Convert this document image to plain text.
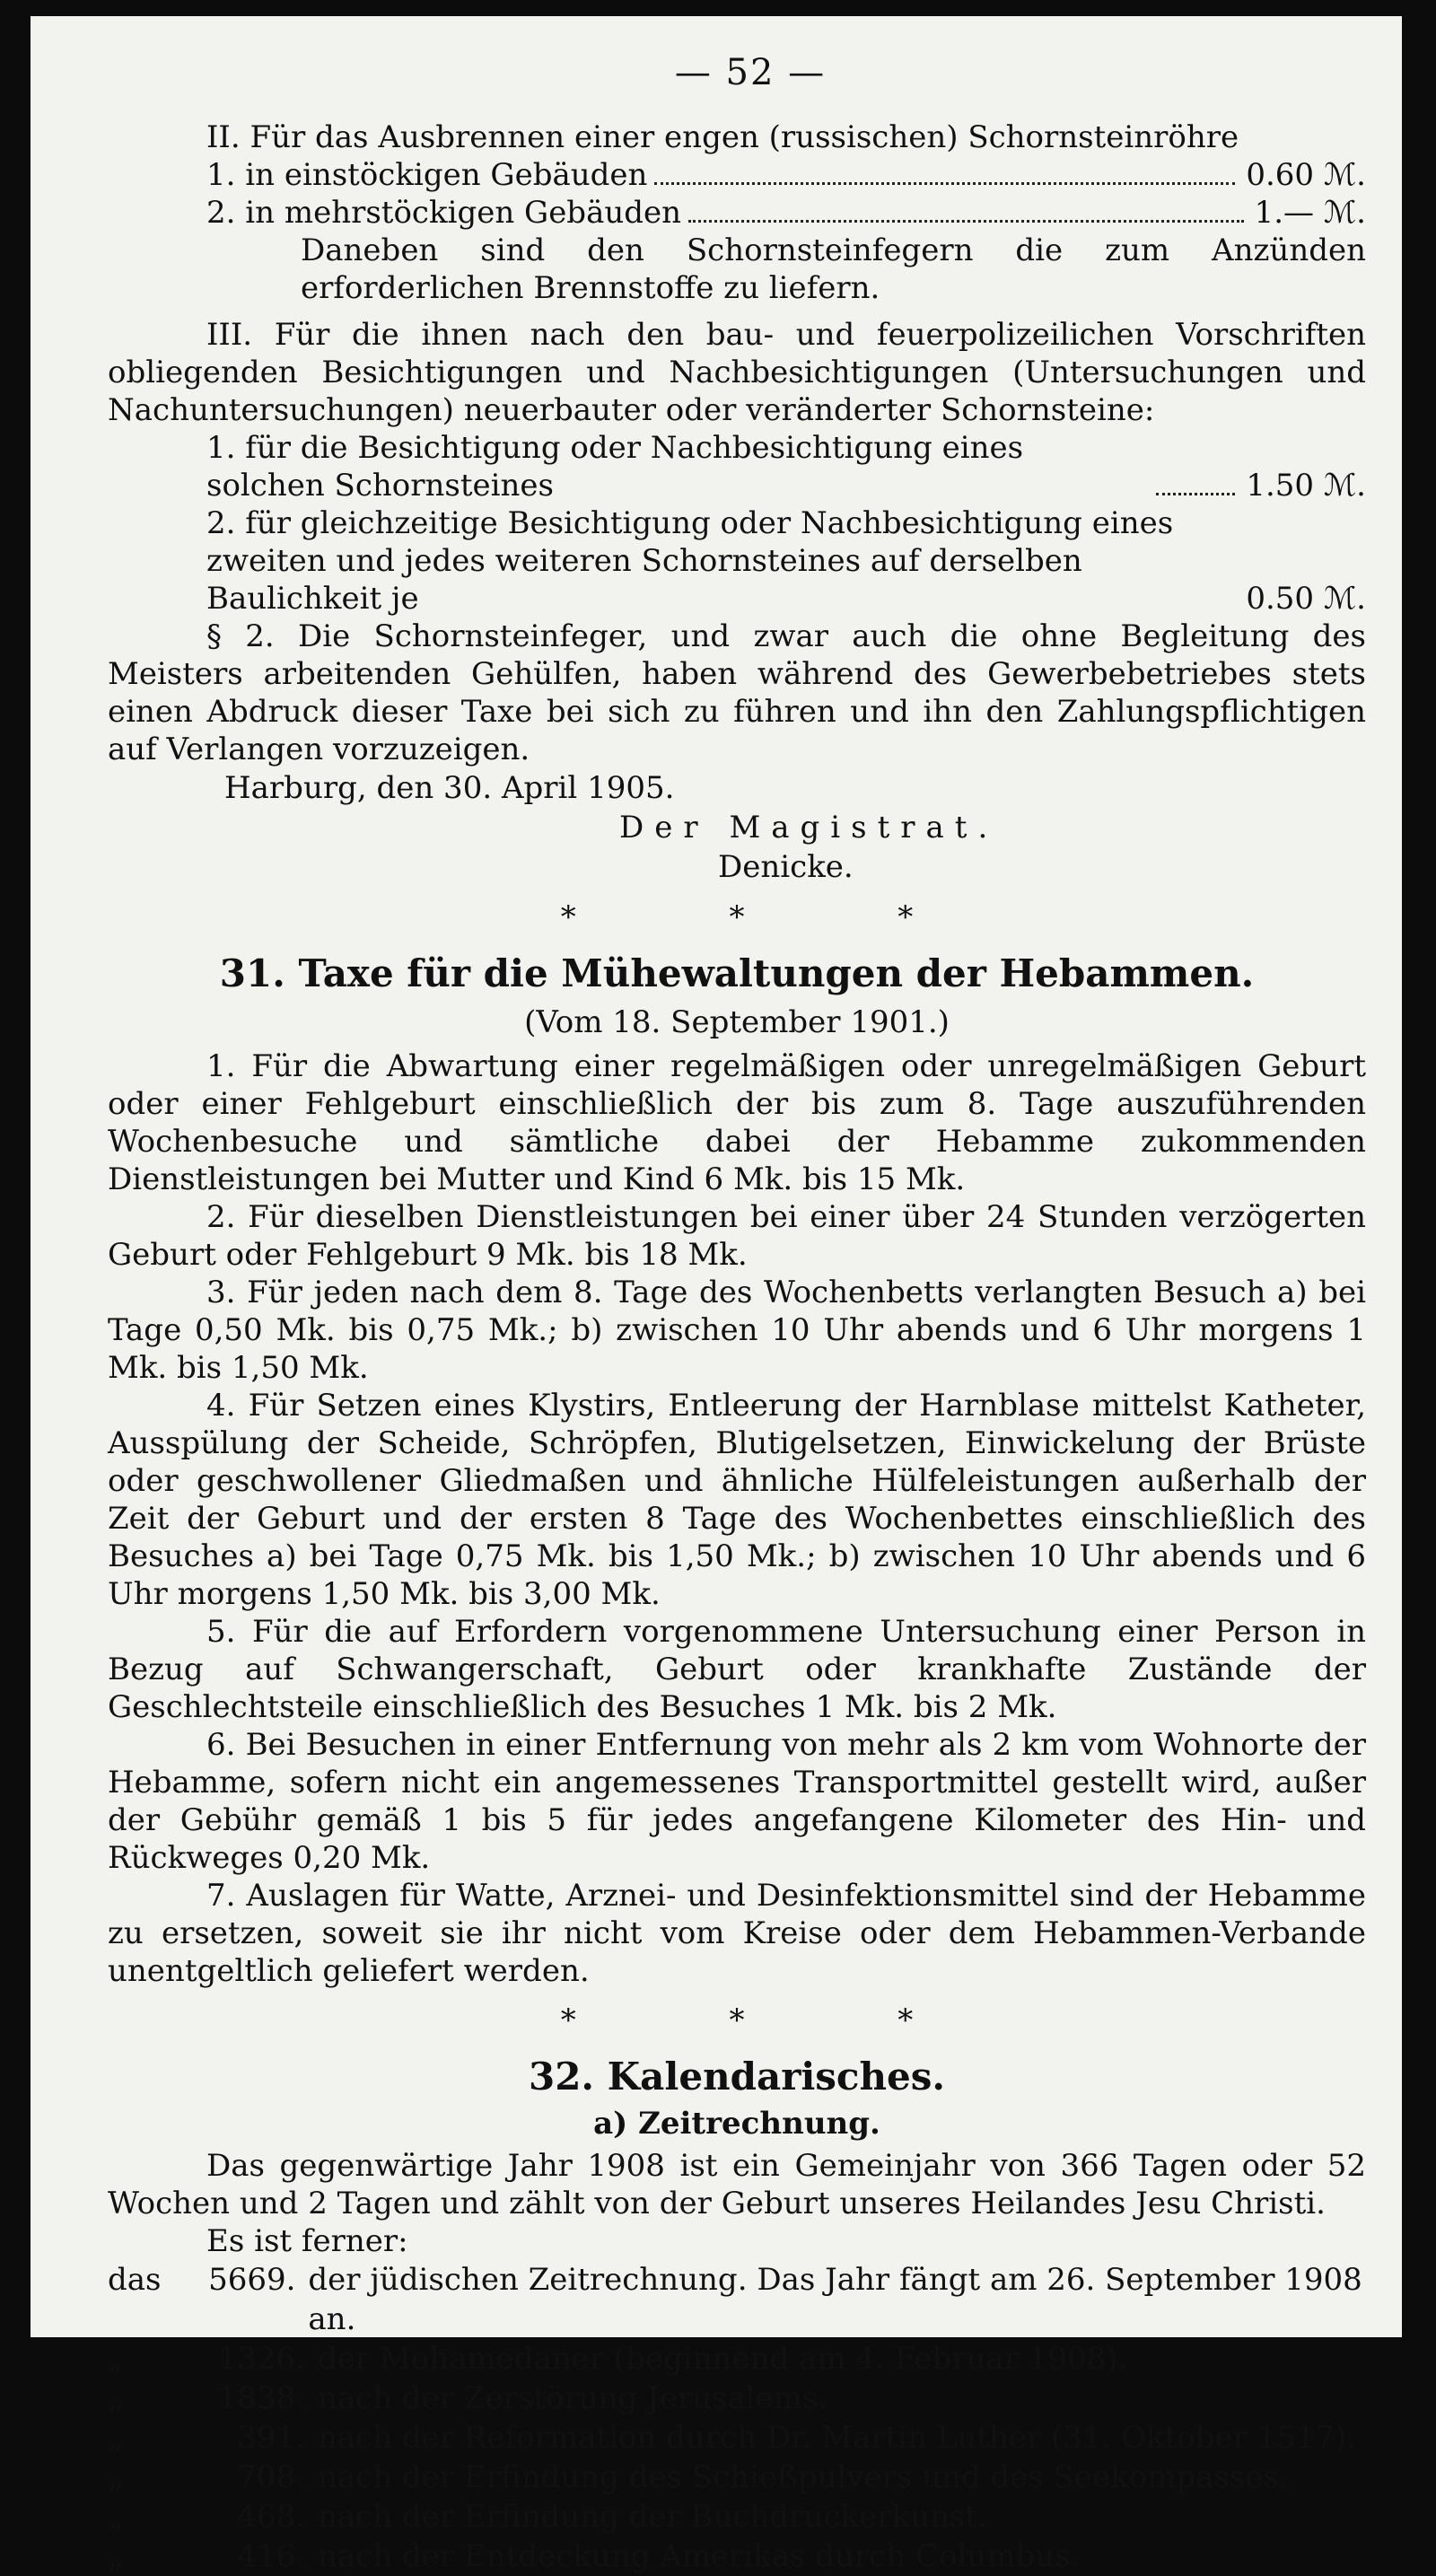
— 52 —

II. Für das Ausbrennen einer engen (russischen) Schornsteinröhre

1. in einstöckigen Gebäuden	0.60 ℳ.
2. in mehrstöckigen Gebäuden	1.— ℳ.

Daneben sind den Schornsteinfegern die zum Anzünden erforderlichen Brennstoffe zu liefern.

III. Für die ihnen nach den bau- und feuerpolizeilichen Vorschriften obliegenden Besichtigungen und Nachbesichtigungen (Untersuchungen und Nachuntersuchungen) neuerbauter oder veränderter Schornsteine:

1. für die Besichtigung oder Nachbesichtigung eines solchen Schornsteines	1.50 ℳ.
2. für gleichzeitige Besichtigung oder Nachbesichtigung eines zweiten und jedes weiteren Schornsteines auf derselben Baulichkeit je	0.50 ℳ.

§ 2. Die Schornsteinfeger, und zwar auch die ohne Begleitung des Meisters arbeitenden Gehülfen, haben während des Gewerbebetriebes stets einen Abdruck dieser Taxe bei sich zu führen und ihn den Zahlungspflichtigen auf Verlangen vorzuzeigen.

Harburg, den 30. April 1905.
Der Magistrat.
Denicke.
* * *
31. Taxe für die Mühewaltungen der Hebammen.
(Vom 18. September 1901.)

1. Für die Abwartung einer regelmäßigen oder unregelmäßigen Geburt oder einer Fehlgeburt einschließlich der bis zum 8. Tage auszuführenden Wochenbesuche und sämtliche dabei der Hebamme zukommenden Dienstleistungen bei Mutter und Kind 6 Mk. bis 15 Mk.

2. Für dieselben Dienstleistungen bei einer über 24 Stunden verzögerten Geburt oder Fehlgeburt 9 Mk. bis 18 Mk.

3. Für jeden nach dem 8. Tage des Wochenbetts verlangten Besuch a) bei Tage 0,50 Mk. bis 0,75 Mk.; b) zwischen 10 Uhr abends und 6 Uhr morgens 1 Mk. bis 1,50 Mk.

4. Für Setzen eines Klystirs, Entleerung der Harnblase mittelst Katheter, Ausspülung der Scheide, Schröpfen, Blutigelsetzen, Einwickelung der Brüste oder geschwollener Gliedmaßen und ähnliche Hülfeleistungen außerhalb der Zeit der Geburt und der ersten 8 Tage des Wochenbettes einschließlich des Besuches a) bei Tage 0,75 Mk. bis 1,50 Mk.; b) zwischen 10 Uhr abends und 6 Uhr morgens 1,50 Mk. bis 3,00 Mk.

5. Für die auf Erfordern vorgenommene Untersuchung einer Person in Bezug auf Schwangerschaft, Geburt oder krankhafte Zustände der Geschlechtsteile einschließlich des Besuches 1 Mk. bis 2 Mk.

6. Bei Besuchen in einer Entfernung von mehr als 2 km vom Wohnorte der Hebamme, sofern nicht ein angemessenes Transportmittel gestellt wird, außer der Gebühr gemäß 1 bis 5 für jedes angefangene Kilometer des Hin- und Rückweges 0,20 Mk.

7. Auslagen für Watte, Arznei- und Desinfektionsmittel sind der Hebamme zu ersetzen, soweit sie ihr nicht vom Kreise oder dem Hebammen-Verbande unentgeltlich geliefert werden.

* * *
32. Kalendarisches.
a) Zeitrechnung.

Das gegenwärtige Jahr 1908 ist ein Gemeinjahr von 366 Tagen oder 52 Wochen und 2 Tagen und zählt von der Geburt unseres Heilandes Jesu Christi.

Es ist ferner:

das	5669. der jüdischen Zeitrechnung. Das Jahr fängt am 26. September 1908 an.
„	1326. der Mohamedaner (beginnend am 4. Februar 1908).
„	1838. nach der Zerstörung Jerusalems.
„	391. nach der Reformation durch Dr. Martin Luther (31. Oktober 1517).
„	708. nach der Erfindung des Schießpulvers und des Seekompasses.
„	468. nach der Erfindung der Buchdruckerkunst.
„	416. nach der Entdeckung Amerikas durch Columbus.
